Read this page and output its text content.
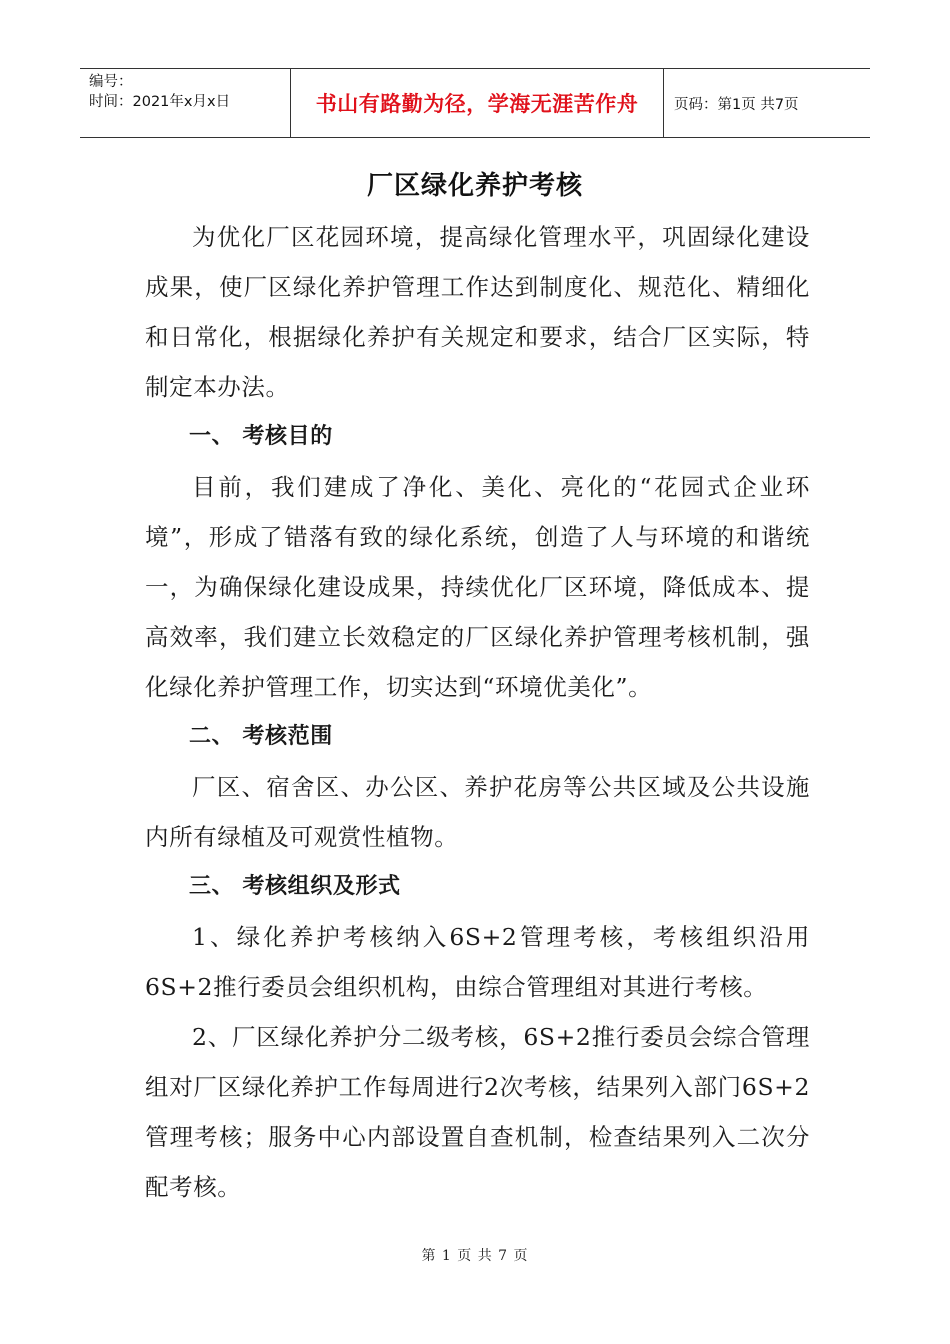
编号：
时间：2021年x月x日	书山有路勤为径，学海无涯苦作舟	页码：第1页 共7页
厂区绿化养护考核

为优化厂区花园环境，提高绿化管理水平，巩固绿化建设成果，使厂区绿化养护管理工作达到制度化、规范化、精细化和日常化，根据绿化养护有关规定和要求，结合厂区实际，特制定本办法。

一、 考核目的

目前，我们建成了净化、美化、亮化的“花园式企业环境”，形成了错落有致的绿化系统，创造了人与环境的和谐统一，为确保绿化建设成果，持续优化厂区环境，降低成本、提高效率，我们建立长效稳定的厂区绿化养护管理考核机制，强化绿化养护管理工作，切实达到“环境优美化”。

二、 考核范围

厂区、宿舍区、办公区、养护花房等公共区域及公共设施内所有绿植及可观赏性植物。

三、 考核组织及形式

1、绿化养护考核纳入6S+2管理考核，考核组织沿用6S+2推行委员会组织机构，由综合管理组对其进行考核。

2、厂区绿化养护分二级考核，6S+2推行委员会综合管理组对厂区绿化养护工作每周进行2次考核，结果列入部门6S+2管理考核；服务中心内部设置自查机制，检查结果列入二次分配考核。

第 1 页 共 7 页
